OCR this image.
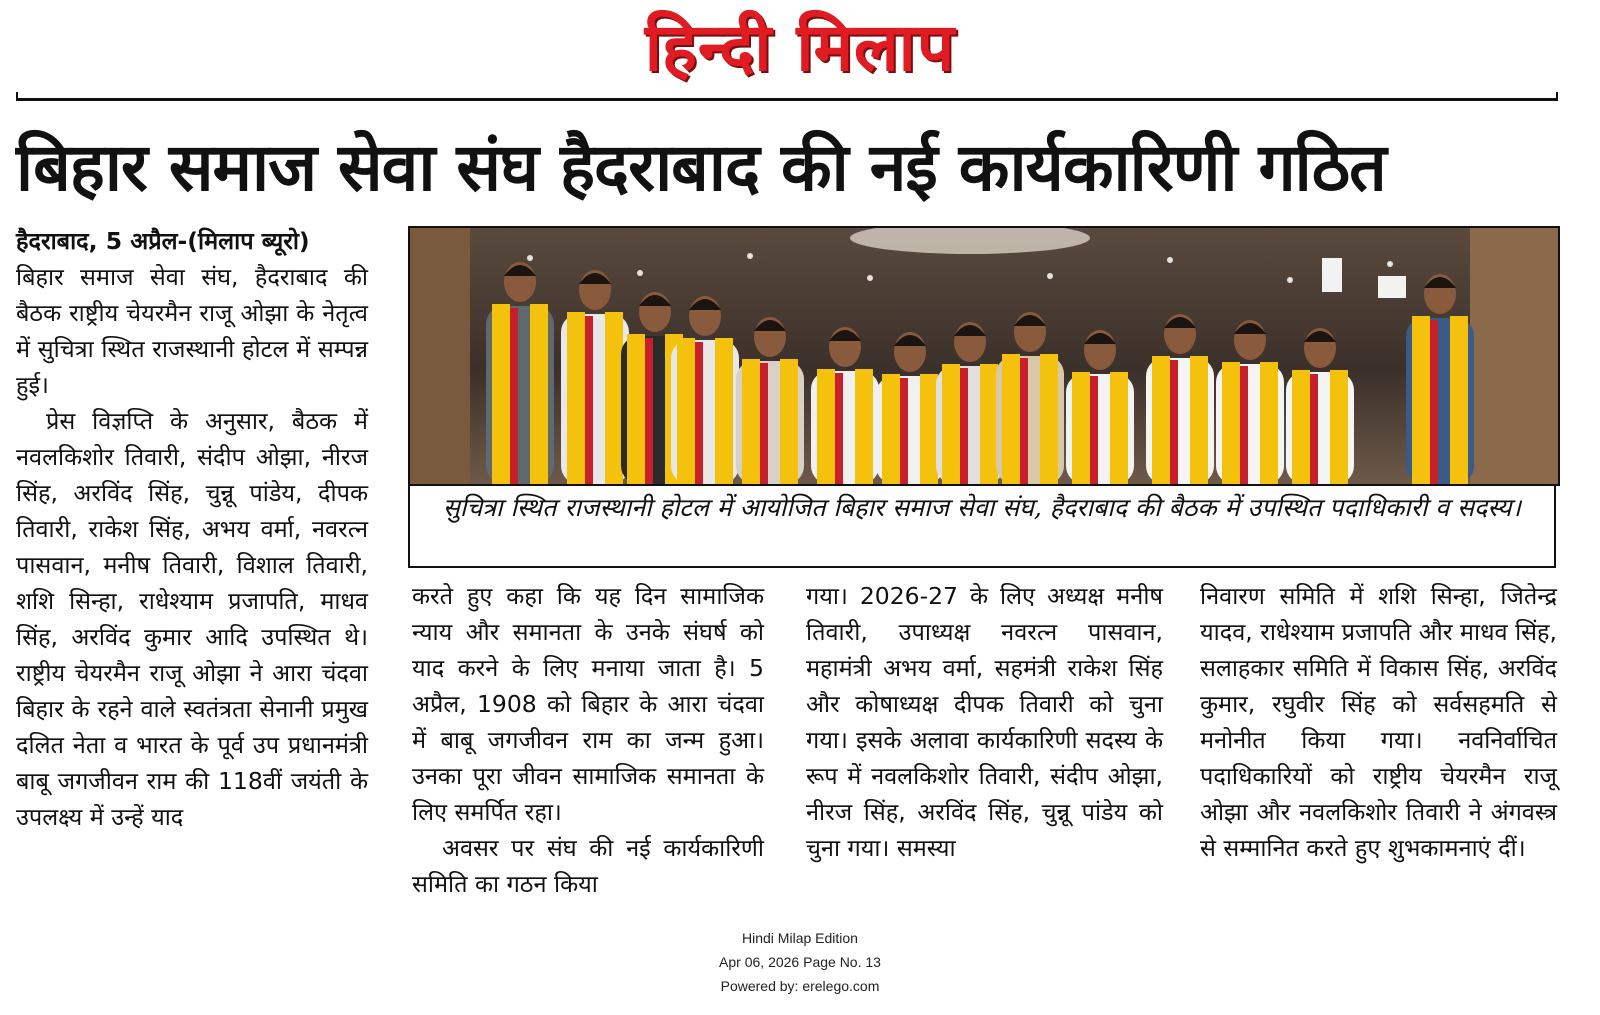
हिन्दी मिलाप
बिहार समाज सेवा संघ हैदराबाद की नई कार्यकारिणी गठित

हैदराबाद, 5 अप्रैल-(मिलाप ब्यूरो)

बिहार समाज सेवा संघ, हैदराबाद की बैठक राष्ट्रीय चेयरमैन राजू ओझा के नेतृत्व में सुचित्रा स्थित राजस्थानी होटल में सम्पन्न हुई।

प्रेस विज्ञप्ति के अनुसार, बैठक में नवलकिशोर तिवारी, संदीप ओझा, नीरज सिंह, अरविंद सिंह, चुन्नू पांडेय, दीपक तिवारी, राकेश सिंह, अभय वर्मा, नवरत्न पासवान, मनीष तिवारी, विशाल तिवारी, शशि सिन्हा, राधेश्याम प्रजापति, माधव सिंह, अरविंद कुमार आदि उपस्थित थे। राष्ट्रीय चेयरमैन राजू ओझा ने आरा चंदवा बिहार के रहने वाले स्वतंत्रता सेनानी प्रमुख दलित नेता व भारत के पूर्व उप प्रधानमंत्री बाबू जगजीवन राम की 118वीं जयंती के उपलक्ष्य में उन्हें याद

सुचित्रा स्थित राजस्थानी होटल में आयोजित बिहार समाज सेवा संघ, हैदराबाद की बैठक में उपस्थित पदाधिकारी व सदस्य।

करते हुए कहा कि यह दिन सामाजिक न्याय और समानता के उनके संघर्ष को याद करने के लिए मनाया जाता है। 5 अप्रैल, 1908 को बिहार के आरा चंदवा में बाबू जगजीवन राम का जन्म हुआ। उनका पूरा जीवन सामाजिक समानता के लिए समर्पित रहा।

अवसर पर संघ की नई कार्यकारिणी समिति का गठन किया

गया। 2026-27 के लिए अध्यक्ष मनीष तिवारी, उपाध्यक्ष नवरत्न पासवान, महामंत्री अभय वर्मा, सहमंत्री राकेश सिंह और कोषाध्यक्ष दीपक तिवारी को चुना गया। इसके अलावा कार्यकारिणी सदस्य के रूप में नवलकिशोर तिवारी, संदीप ओझा, नीरज सिंह, अरविंद सिंह, चुन्नू पांडेय को चुना गया। समस्या

निवारण समिति में शशि सिन्हा, जितेन्द्र यादव, राधेश्याम प्रजापति और माधव सिंह, सलाहकार समिति में विकास सिंह, अरविंद कुमार, रघुवीर सिंह को सर्वसहमति से मनोनीत किया गया। नवनिर्वाचित पदाधिकारियों को राष्ट्रीय चेयरमैन राजू ओझा और नवलकिशोर तिवारी ने अंगवस्त्र से सम्मानित करते हुए शुभकामनाएं दीं।

Hindi Milap Edition
Apr 06, 2026 Page No. 13
Powered by: erelego.com
